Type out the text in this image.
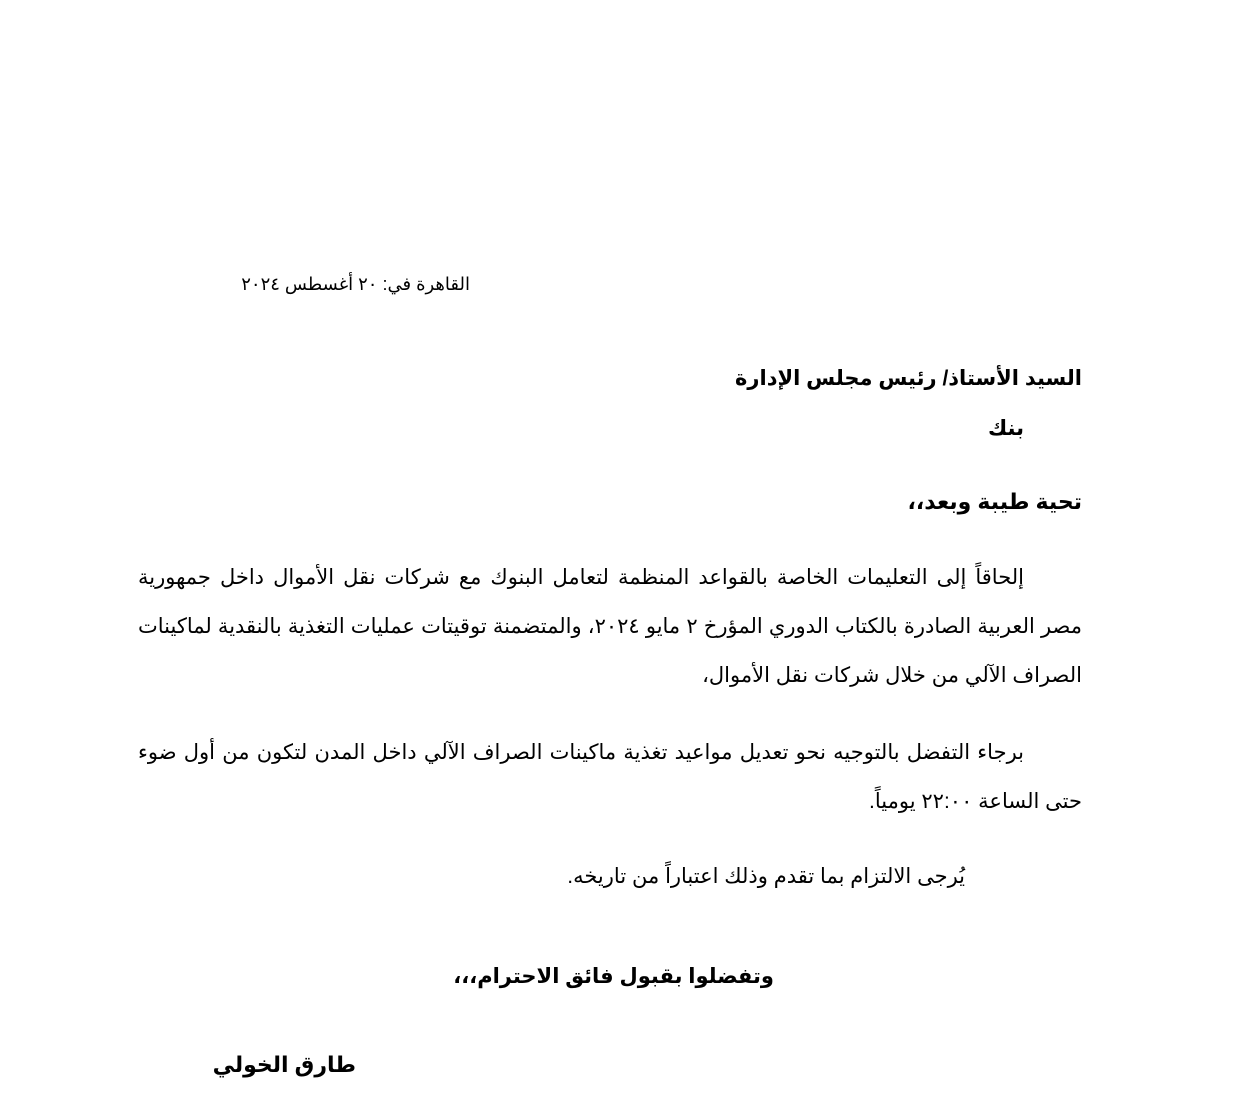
القاهرة في: ٢٠ أغسطس ٢٠٢٤
السيد الأستاذ/ رئيس مجلس الإدارة
بنك
تحية طيبة وبعد،،
إلحاقاً إلى التعليمات الخاصة بالقواعد المنظمة لتعامل البنوك مع شركات نقل الأموال داخل جمهورية مصر العربية الصادرة بالكتاب الدوري المؤرخ ٢ مايو ٢٠٢٤، والمتضمنة توقيتات عمليات التغذية بالنقدية لماكينات الصراف الآلي من خلال شركات نقل الأموال،
برجاء التفضل بالتوجيه نحو تعديل مواعيد تغذية ماكينات الصراف الآلي داخل المدن لتكون من أول ضوء حتى الساعة ٢٢:٠٠ يومياً.
يُرجى الالتزام بما تقدم وذلك اعتباراً من تاريخه.
وتفضلوا بقبول فائق الاحترام،،،
طارق الخولي
